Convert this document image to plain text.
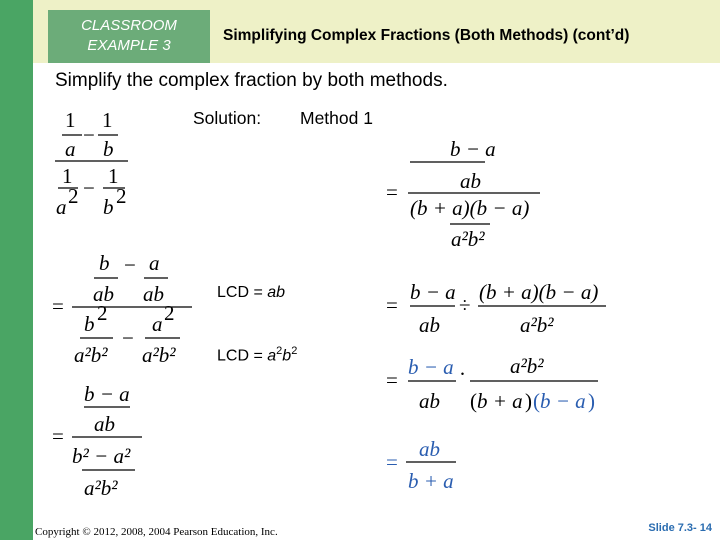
CLASSROOM
EXAMPLE 3
Simplifying Complex Fractions (Both Methods) (cont’d)
Simplify the complex fraction by both methods.
Solution: Method 1
LCD = ab
LCD = $a^2b^2$
1
−
1
a b
1 − 1
a 2 b 2	=
b − a
ab
(b + a)(b − a)
a²b²
=
b − a
ab ab
b 2
−
a 2
a²b² a²b²
=
b − a
ab
÷
(b + a)(b − a)
a²b²
=
b − a
ab
b² − a²
a²b²
=
b − a
ab
· a²b²
( b + a ) ( b − a )
=
ab
b + a
Copyright © 2012, 2008, 2004 Pearson Education, Inc.	Slide 7.3- 14
